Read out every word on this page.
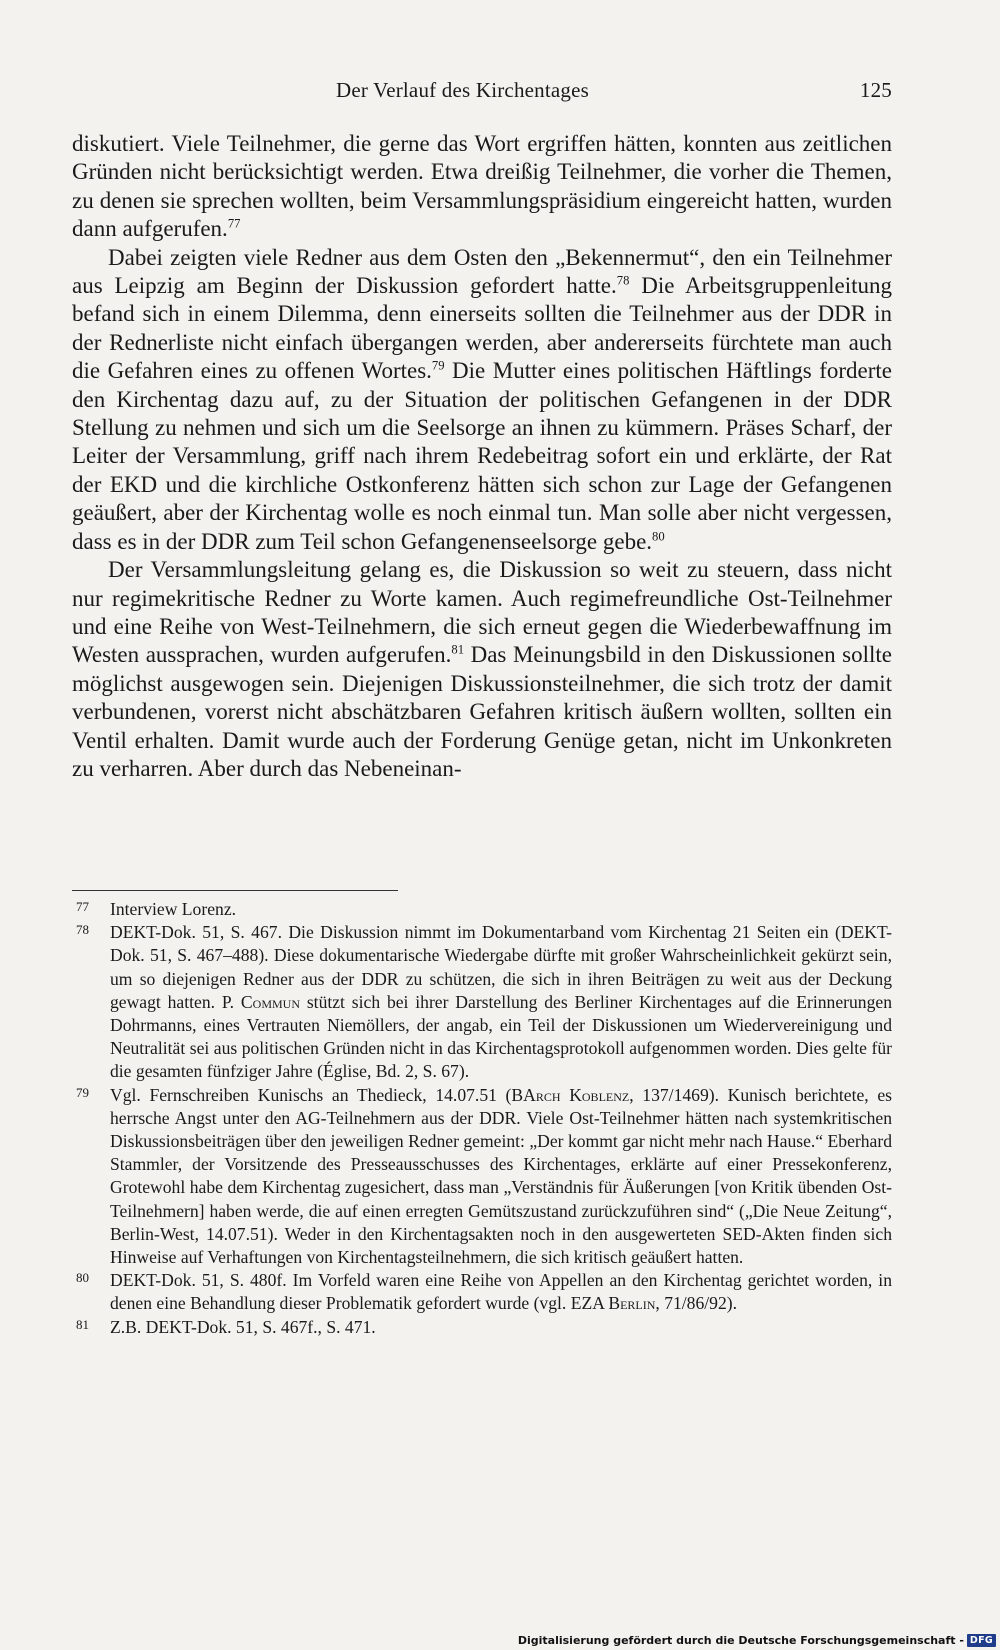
Der Verlauf des Kirchentages	125

diskutiert. Viele Teilnehmer, die gerne das Wort ergriffen hätten, konnten aus zeitlichen Gründen nicht berücksichtigt werden. Etwa dreißig Teilnehmer, die vorher die Themen, zu denen sie sprechen wollten, beim Versammlungspräsidium eingereicht hatten, wurden dann aufgerufen.$^{77}$

Dabei zeigten viele Redner aus dem Osten den „Bekennermut“, den ein Teilnehmer aus Leipzig am Beginn der Diskussion gefordert hatte.$^{78}$ Die Arbeitsgruppenleitung befand sich in einem Dilemma, denn einerseits sollten die Teilnehmer aus der DDR in der Rednerliste nicht einfach übergangen werden, aber andererseits fürchtete man auch die Gefahren eines zu offenen Wortes.$^{79}$ Die Mutter eines politischen Häftlings forderte den Kirchentag dazu auf, zu der Situation der politischen Gefangenen in der DDR Stellung zu nehmen und sich um die Seelsorge an ihnen zu kümmern. Präses Scharf, der Leiter der Versammlung, griff nach ihrem Redebeitrag sofort ein und erklärte, der Rat der EKD und die kirchliche Ostkonferenz hätten sich schon zur Lage der Gefangenen geäußert, aber der Kirchentag wolle es noch einmal tun. Man solle aber nicht vergessen, dass es in der DDR zum Teil schon Gefangenenseelsorge gebe.$^{80}$

Der Versammlungsleitung gelang es, die Diskussion so weit zu steuern, dass nicht nur regimekritische Redner zu Worte kamen. Auch regimefreundliche Ost-Teilnehmer und eine Reihe von West-Teilnehmern, die sich erneut gegen die Wiederbewaffnung im Westen aussprachen, wurden aufgerufen.$^{81}$ Das Meinungsbild in den Diskussionen sollte möglichst ausgewogen sein. Diejenigen Diskussionsteilnehmer, die sich trotz der damit verbundenen, vorerst nicht abschätzbaren Gefahren kritisch äußern wollten, sollten ein Ventil erhalten. Damit wurde auch der Forderung Genüge getan, nicht im Unkonkreten zu verharren. Aber durch das Nebeneinan-

77 Interview Lorenz.

78 DEKT-Dok. 51, S. 467. Die Diskussion nimmt im Dokumentarband vom Kirchentag 21 Seiten ein (DEKT-Dok. 51, S. 467–488). Diese dokumentarische Wiedergabe dürfte mit großer Wahrscheinlichkeit gekürzt sein, um so diejenigen Redner aus der DDR zu schützen, die sich in ihren Beiträgen zu weit aus der Deckung gewagt hatten. P. Commun stützt sich bei ihrer Darstellung des Berliner Kirchentages auf die Erinnerungen Dohrmanns, eines Vertrauten Niemöllers, der angab, ein Teil der Diskussionen um Wiedervereinigung und Neutralität sei aus politischen Gründen nicht in das Kirchentagsprotokoll aufgenommen worden. Dies gelte für die gesamten fünfziger Jahre (Église, Bd. 2, S. 67).

79 Vgl. Fernschreiben Kunischs an Thedieck, 14.07.51 (BArch Koblenz, 137/1469). Kunisch berichtete, es herrsche Angst unter den AG-Teilnehmern aus der DDR. Viele Ost-Teilnehmer hätten nach systemkritischen Diskussionsbeiträgen über den jeweiligen Redner gemeint: „Der kommt gar nicht mehr nach Hause.“ Eberhard Stammler, der Vorsitzende des Presseausschusses des Kirchentages, erklärte auf einer Pressekonferenz, Grotewohl habe dem Kirchentag zugesichert, dass man „Verständnis für Äußerungen [von Kritik übenden Ost-Teilnehmern] haben werde, die auf einen erregten Gemütszustand zurückzuführen sind“ („Die Neue Zeitung“, Berlin-West, 14.07.51). Weder in den Kirchentagsakten noch in den ausgewerteten SED-Akten finden sich Hinweise auf Verhaftungen von Kirchentagsteilnehmern, die sich kritisch geäußert hatten.

80 DEKT-Dok. 51, S. 480f. Im Vorfeld waren eine Reihe von Appellen an den Kirchentag gerichtet worden, in denen eine Behandlung dieser Problematik gefordert wurde (vgl. EZA Berlin, 71/86/92).

81 Z.B. DEKT-Dok. 51, S. 467f., S. 471.

Digitalisierung gefördert durch die Deutsche Forschungsgemeinschaft - DFG
